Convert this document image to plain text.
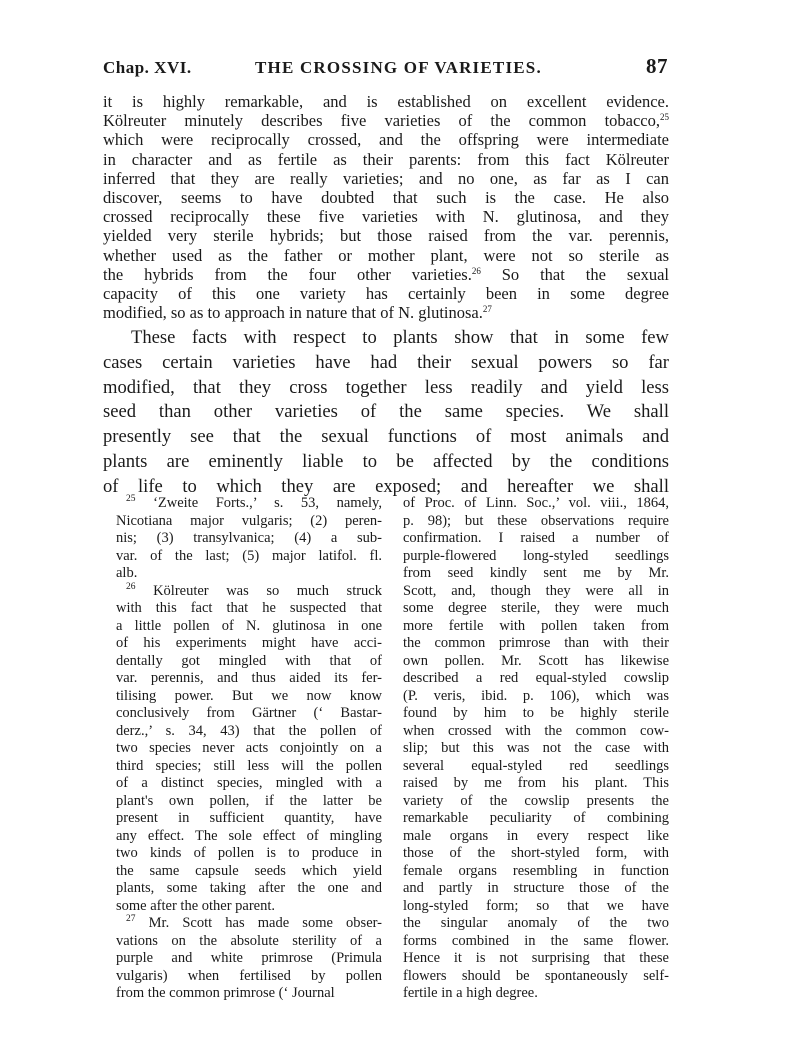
Chap. XVI.	THE CROSSING OF VARIETIES.	87
it is highly remarkable, and is established on excellent evidence.
Kölreuter minutely describes five varieties of the common tobacco,$^{25}$
which were reciprocally crossed, and the offspring were intermediate
in character and as fertile as their parents: from this fact Kölreuter
inferred that they are really varieties; and no one, as far as I can
discover, seems to have doubted that such is the case. He also
crossed reciprocally these five varieties with N. glutinosa, and they
yielded very sterile hybrids; but those raised from the var. perennis,
whether used as the father or mother plant, were not so sterile as
the hybrids from the four other varieties.$^{26}$ So that the sexual
capacity of this one variety has certainly been in some degree
modified, so as to approach in nature that of N. glutinosa.$^{27}$
These facts with respect to plants show that in some few
cases certain varieties have had their sexual powers so far
modified, that they cross together less readily and yield less
seed than other varieties of the same species. We shall
presently see that the sexual functions of most animals and
plants are eminently liable to be affected by the conditions
of life to which they are exposed; and hereafter we shall
$^{25}$ ‘Zweite Forts.,’ s. 53, namely,
Nicotiana major vulgaris; (2) peren-
nis; (3) transylvanica; (4) a sub-
var. of the last; (5) major latifol. fl.
alb.
$^{26}$ Kölreuter was so much struck
with this fact that he suspected that
a little pollen of N. glutinosa in one
of his experiments might have acci-
dentally got mingled with that of
var. perennis, and thus aided its fer-
tilising power. But we now know
conclusively from Gärtner (‘ Bastar-
derz.,’ s. 34, 43) that the pollen of
two species never acts conjointly on a
third species; still less will the pollen
of a distinct species, mingled with a
plant's own pollen, if the latter be
present in sufficient quantity, have
any effect. The sole effect of mingling
two kinds of pollen is to produce in
the same capsule seeds which yield
plants, some taking after the one and
some after the other parent.
$^{27}$ Mr. Scott has made some obser-
vations on the absolute sterility of a
purple and white primrose (Primula
vulgaris) when fertilised by pollen
from the common primrose (‘ Journal
of Proc. of Linn. Soc.,’ vol. viii., 1864,
p. 98); but these observations require
confirmation. I raised a number of
purple-flowered long-styled seedlings
from seed kindly sent me by Mr.
Scott, and, though they were all in
some degree sterile, they were much
more fertile with pollen taken from
the common primrose than with their
own pollen. Mr. Scott has likewise
described a red equal-styled cowslip
(P. veris, ibid. p. 106), which was
found by him to be highly sterile
when crossed with the common cow-
slip; but this was not the case with
several equal-styled red seedlings
raised by me from his plant. This
variety of the cowslip presents the
remarkable peculiarity of combining
male organs in every respect like
those of the short-styled form, with
female organs resembling in function
and partly in structure those of the
long-styled form; so that we have
the singular anomaly of the two
forms combined in the same flower.
Hence it is not surprising that these
flowers should be spontaneously self-
fertile in a high degree.
